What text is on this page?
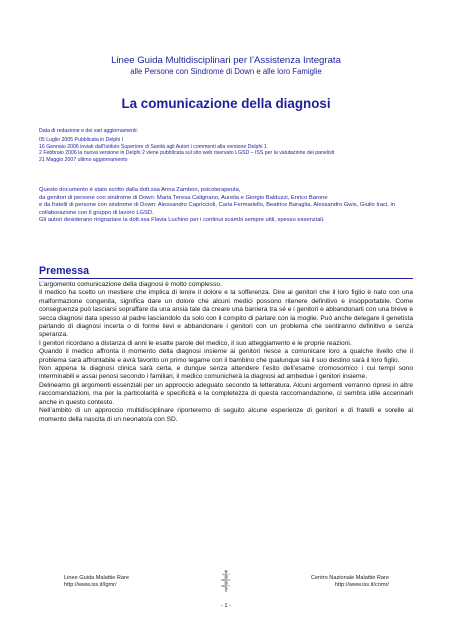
Linee Guida Multidisciplinari per l’Assistenza Integrata
alle Persone con Sindrome di Down e alle loro Famiglie
La comunicazione della diagnosi
Data di redazione e dei vari aggiornamenti:
05 Luglio 2005 Pubblicata in Delphi I
16 Gennaio 2006 inviati dall’Istituto Superiore di Sanità agli Autori i commenti alla versione Delphi 1
2 Febbraio 2006 la nuova versione in Delphi 2 viene pubblicata sul sito web riservato LGSD – ISS per la valutazione dei panelisti
21 Maggio 2007 ultimo aggiornamento
Questo documento è stato scritto dalla dott.ssa Anna Zambon, psicoterapeuta,
da genitori di persone con sindrome di Down: Maria Teresa Calignano, Aurelia e Giorgio Balduzzi, Enrico Barone
e da fratelli di persone con sindrome di Down: Alessandro Capriccioli, Carla Fermariello, Beatrice Baraglia, Alessandro Gwis, Giulio Iraci, in collaborazione con il gruppo di lavoro LGSD.
Gli autori desiderano ringraziare la dott.ssa Flavia Luchino per i continui scambi sempre utili, spesso essenziali.
Premessa

L’argomento comunicazione della diagnosi è molto complesso.

Il medico ha scelto un mestiere che implica di lenire il dolore e la sofferenza. Dire ai genitori che il loro figlio è nato con una malformazione congenita, significa dare un dolore che alcuni medici possono ritenere definitivo e insopportabile. Come conseguenza può lasciarsi sopraffare da una ansia tale da creare una barriera tra sé e i genitori e abbandonarli con una breve e secca diagnosi data spesso al padre lasciandolo da solo con il compito di parlare con la moglie. Può anche delegare il genetista parlando di diagnosi incerta o di forme lievi e abbandonare i genitori con un problema che sentiranno definitivo e senza speranza.

I genitori ricordano a distanza di anni le esatte parole del medico, il suo atteggiamento e le proprie reazioni.

Quando il medico affronta il momento della diagnosi insieme ai genitori riesce a comunicare loro a qualche livello che il problema sarà affrontabile e avrà favorito un primo legame con il bambino che qualunque sia il suo destino sarà il loro figlio.

Non appena la diagnosi clinica sarà certa, e dunque senza attendere l’esito dell’esame cromosomico i cui tempi sono interminabili e assai penosi secondo i familiari, il medico comunicherà la diagnosi ad ambedue i genitori insieme.

Delineamo gli argomenti essenziali per un approccio adeguato secondo la letteratura. Alcuni argomenti verranno ripresi in altre raccomandazioni, ma per la particolarità e specificità e la completezza di questa raccomandazione, ci sembra utile accennarli anche in questo contesto.

Nell’ambito di un approccio multidisciplinare riporteremo di seguito alcune esperienze di genitori e di fratelli e sorelle al momento della nascita di un neonato/a con SD.

Linee Guida Malattie Rare
http://www.iss.it/lgmr/
Centro Nazionale Malattie Rare
http://www.iss.it/cnmr/
- 1 -
